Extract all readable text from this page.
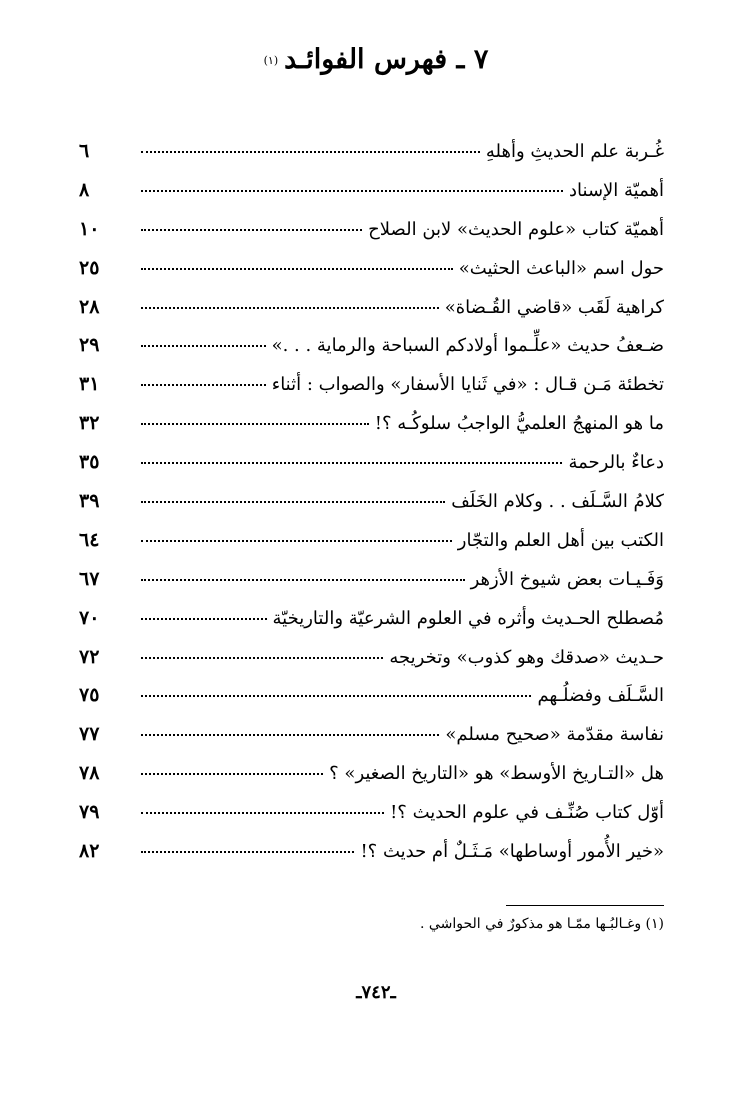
٧ ـ فهرس الفوائـد(١)
غُـربة علم الحديثِ وأهلهِ
٦
أهميّة الإسناد
٨
أهميّة كتاب «علوم الحديث» لابن الصلاح
١٠
حول اسم «الباعث الحثيث»
٢٥
كراهية لَقَب «قاضي القُـضاة»
٢٨
ضـعفُ حديث «علِّـموا أولادكم السباحة والرماية . . .»
٢٩
تخطئة مَـن قـال : «في ثَنايا الأسفار» والصواب : أثناء
٣١
ما هو المنهجُ العلميُّ الواجبُ سلوكُـه ؟!
٣٢
دعاءٌ بالرحمة
٣٥
كلامُ السَّـلَف . . وكلام الخَلَف
٣٩
الكتب بين أهل العلم والتجّار
٦٤
وَفَـيـات بعض شيوخ الأزهر
٦٧
مُصطلح الحـديث وأثره في العلوم الشرعيّة والتاريخيّة
٧٠
حـديث «صدقك وهو كذوب» وتخريجه
٧٢
السَّـلَف وفضلُـهم
٧٥
نفاسة مقدّمة «صحيح مسلم»
٧٧
هل «التـاريخ الأوسط» هو «التاريخ الصغير» ؟
٧٨
أوّل كتاب صُنِّـف في علوم الحديث ؟!
٧٩
«خير الأُمور أوساطها» مَـثَـلٌ أم حديث ؟!
٨٢
(١) وغـالبُـها ممّـا هو مذكورٌ في الحواشي .
ـ٧٤٢ـ
